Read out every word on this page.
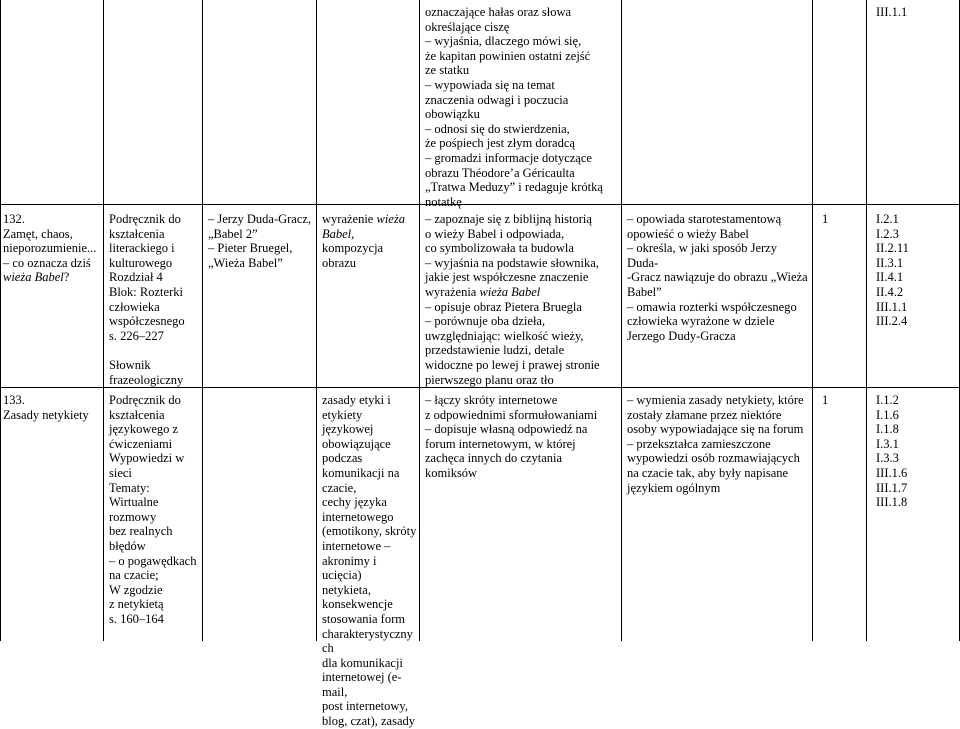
oznaczające hałas oraz słowa
określające ciszę
– wyjaśnia, dlaczego mówi się,
że kapitan powinien ostatni zejść
ze statku
– wypowiada się na temat
znaczenia odwagi i poczucia
obowiązku
– odnosi się do stwierdzenia,
że pośpiech jest złym doradcą
– gromadzi informacje dotyczące
obrazu Théodore’a Géricaulta
„Tratwa Meduzy” i redaguje krótką
notatkę
III.1.1
132.
Zamęt, chaos,
nieporozumienie...
– co oznacza dziś
wieża Babel?
Podręcznik do
kształcenia
literackiego i
kulturowego
Rozdział 4
Blok: Rozterki
człowieka
współczesnego
s. 226–227

Słownik
frazeologiczny
– Jerzy Duda-Gracz,
„Babel 2”
– Pieter Bruegel,
„Wieża Babel”
wyrażenie wieża
Babel, kompozycja
obrazu
– zapoznaje się z biblijną historią
o wieży Babel i odpowiada,
co symbolizowała ta budowla
– wyjaśnia na podstawie słownika,
jakie jest współczesne znaczenie
wyrażenia wieża Babel
– opisuje obraz Pietera Bruegla
– porównuje oba dzieła,
uwzględniając: wielkość wieży,
przedstawienie ludzi, detale
widoczne po lewej i prawej stronie
pierwszego planu oraz tło
– opowiada starotestamentową
opowieść o wieży Babel
– określa, w jaki sposób Jerzy Duda-
-Gracz nawiązuje do obrazu „Wieża
Babel”
– omawia rozterki współczesnego
człowieka wyrażone w dziele
Jerzego Dudy-Gracza
1	I.2.1
I.2.3
II.2.11
II.3.1
II.4.1
II.4.2
III.1.1
III.2.4
133.
Zasady netykiety
Podręcznik do
kształcenia
językowego z
ćwiczeniami
Wypowiedzi w
sieci
Tematy:
Wirtualne
rozmowy
bez realnych
błędów
– o pogawędkach
na czacie;
W zgodzie
z netykietą
s. 160–164
zasady etyki i etykiety
językowej
obowiązujące podczas
komunikacji na czacie,
cechy języka
internetowego
(emotikony, skróty
internetowe –
akronimy i ucięcia)
netykieta,
konsekwencje
stosowania form
charakterystycznych
dla komunikacji
internetowej (e-mail,
post internetowy,
blog, czat), zasady
– łączy skróty internetowe
z odpowiednimi sformułowaniami
– dopisuje własną odpowiedź na
forum internetowym, w której
zachęca innych do czytania
komiksów
– wymienia zasady netykiety, które
zostały złamane przez niektóre
osoby wypowiadające się na forum
– przekształca zamieszczone
wypowiedzi osób rozmawiających
na czacie tak, aby były napisane
językiem ogólnym
1	I.1.2
I.1.6
I.1.8
I.3.1
I.3.3
III.1.6
III.1.7
III.1.8
